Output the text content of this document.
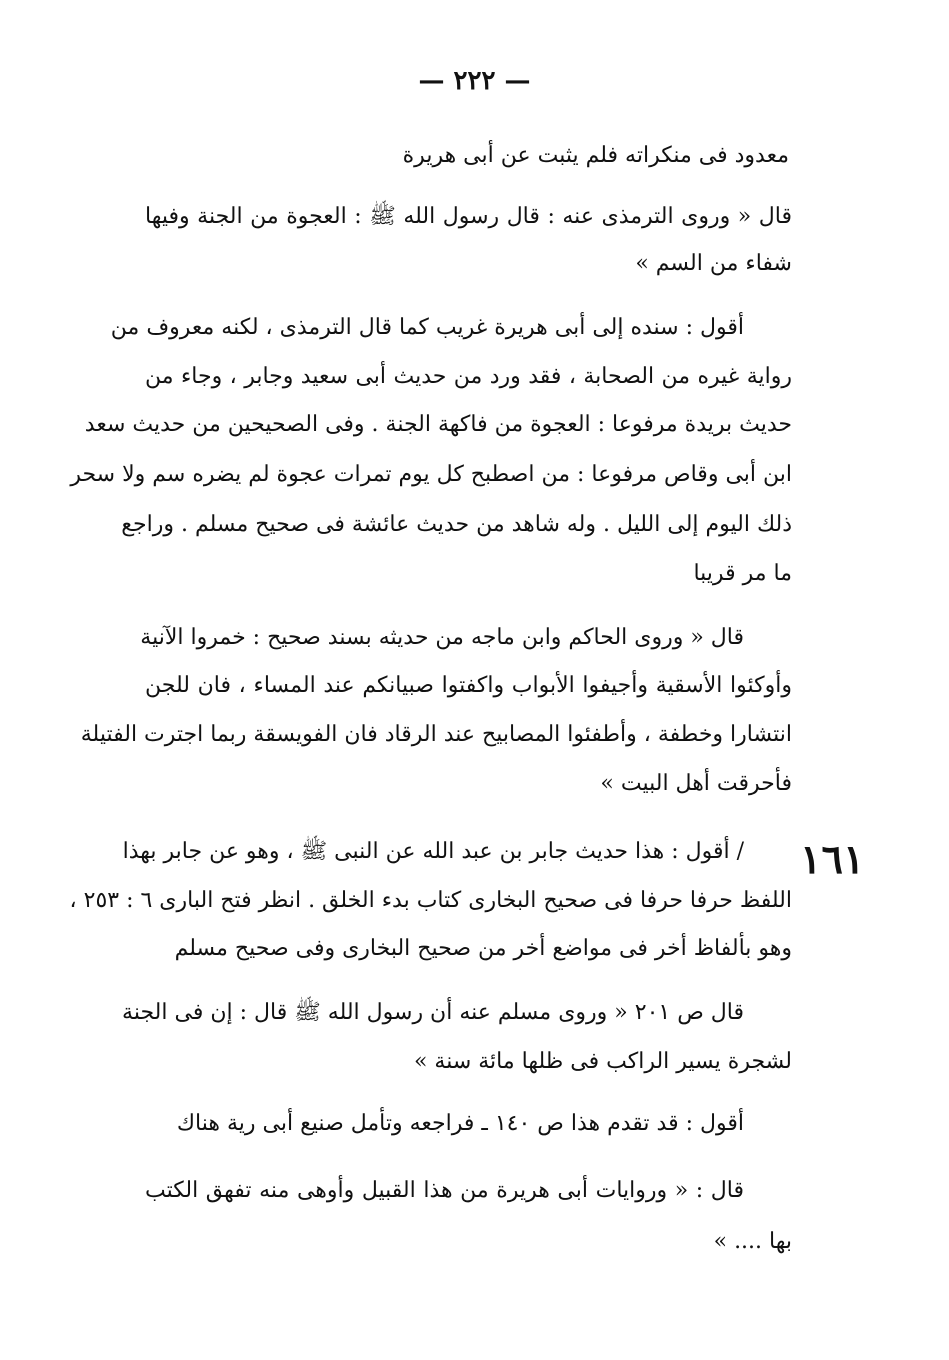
— ٢٢٢ —
معدود فى منكراته فلم يثبت عن أبى هريرة
قال « وروى الترمذى عنه : قال رسول الله ﷺ : العجوة من الجنة وفيها
شفاء من السم »
أقول : سنده إلى أبى هريرة غريب كما قال الترمذى ، لكنه معروف من
رواية غيره من الصحابة ، فقد ورد من حديث أبى سعيد وجابر ، وجاء من
حديث بريدة مرفوعا : العجوة من فاكهة الجنة . وفى الصحيحين من حديث سعد
ابن أبى وقاص مرفوعا : من اصطبح كل يوم تمرات عجوة لم يضره سم ولا سحر
ذلك اليوم إلى الليل . وله شاهد من حديث عائشة فى صحيح مسلم . وراجع
ما مر قريبا
قال « وروى الحاكم وابن ماجه من حديثه بسند صحيح : خمروا الآنية
وأوكئوا الأسقية وأجيفوا الأبواب واكفتوا صبيانكم عند المساء ، فان للجن
انتشارا وخطفة ، وأطفئوا المصابيح عند الرقاد فان الفويسقة ربما اجترت الفتيلة
فأحرقت أهل البيت »
١٦١
/ أقول : هذا حديث جابر بن عبد الله عن النبى ﷺ ، وهو عن جابر بهذا
اللفظ حرفا حرفا فى صحيح البخارى كتاب بدء الخلق . انظر فتح البارى ٦ : ٢٥٣ ،
وهو بألفاظ أخر فى مواضع أخر من صحيح البخارى وفى صحيح مسلم
قال ص ٢٠١ « وروى مسلم عنه أن رسول الله ﷺ قال : إن فى الجنة
لشجرة يسير الراكب فى ظلها مائة سنة »
أقول : قد تقدم هذا ص ١٤٠ ـ فراجعه وتأمل صنيع أبى رية هناك
قال : « وروايات أبى هريرة من هذا القبيل وأوهى منه تفهق الكتب
بها .... »
